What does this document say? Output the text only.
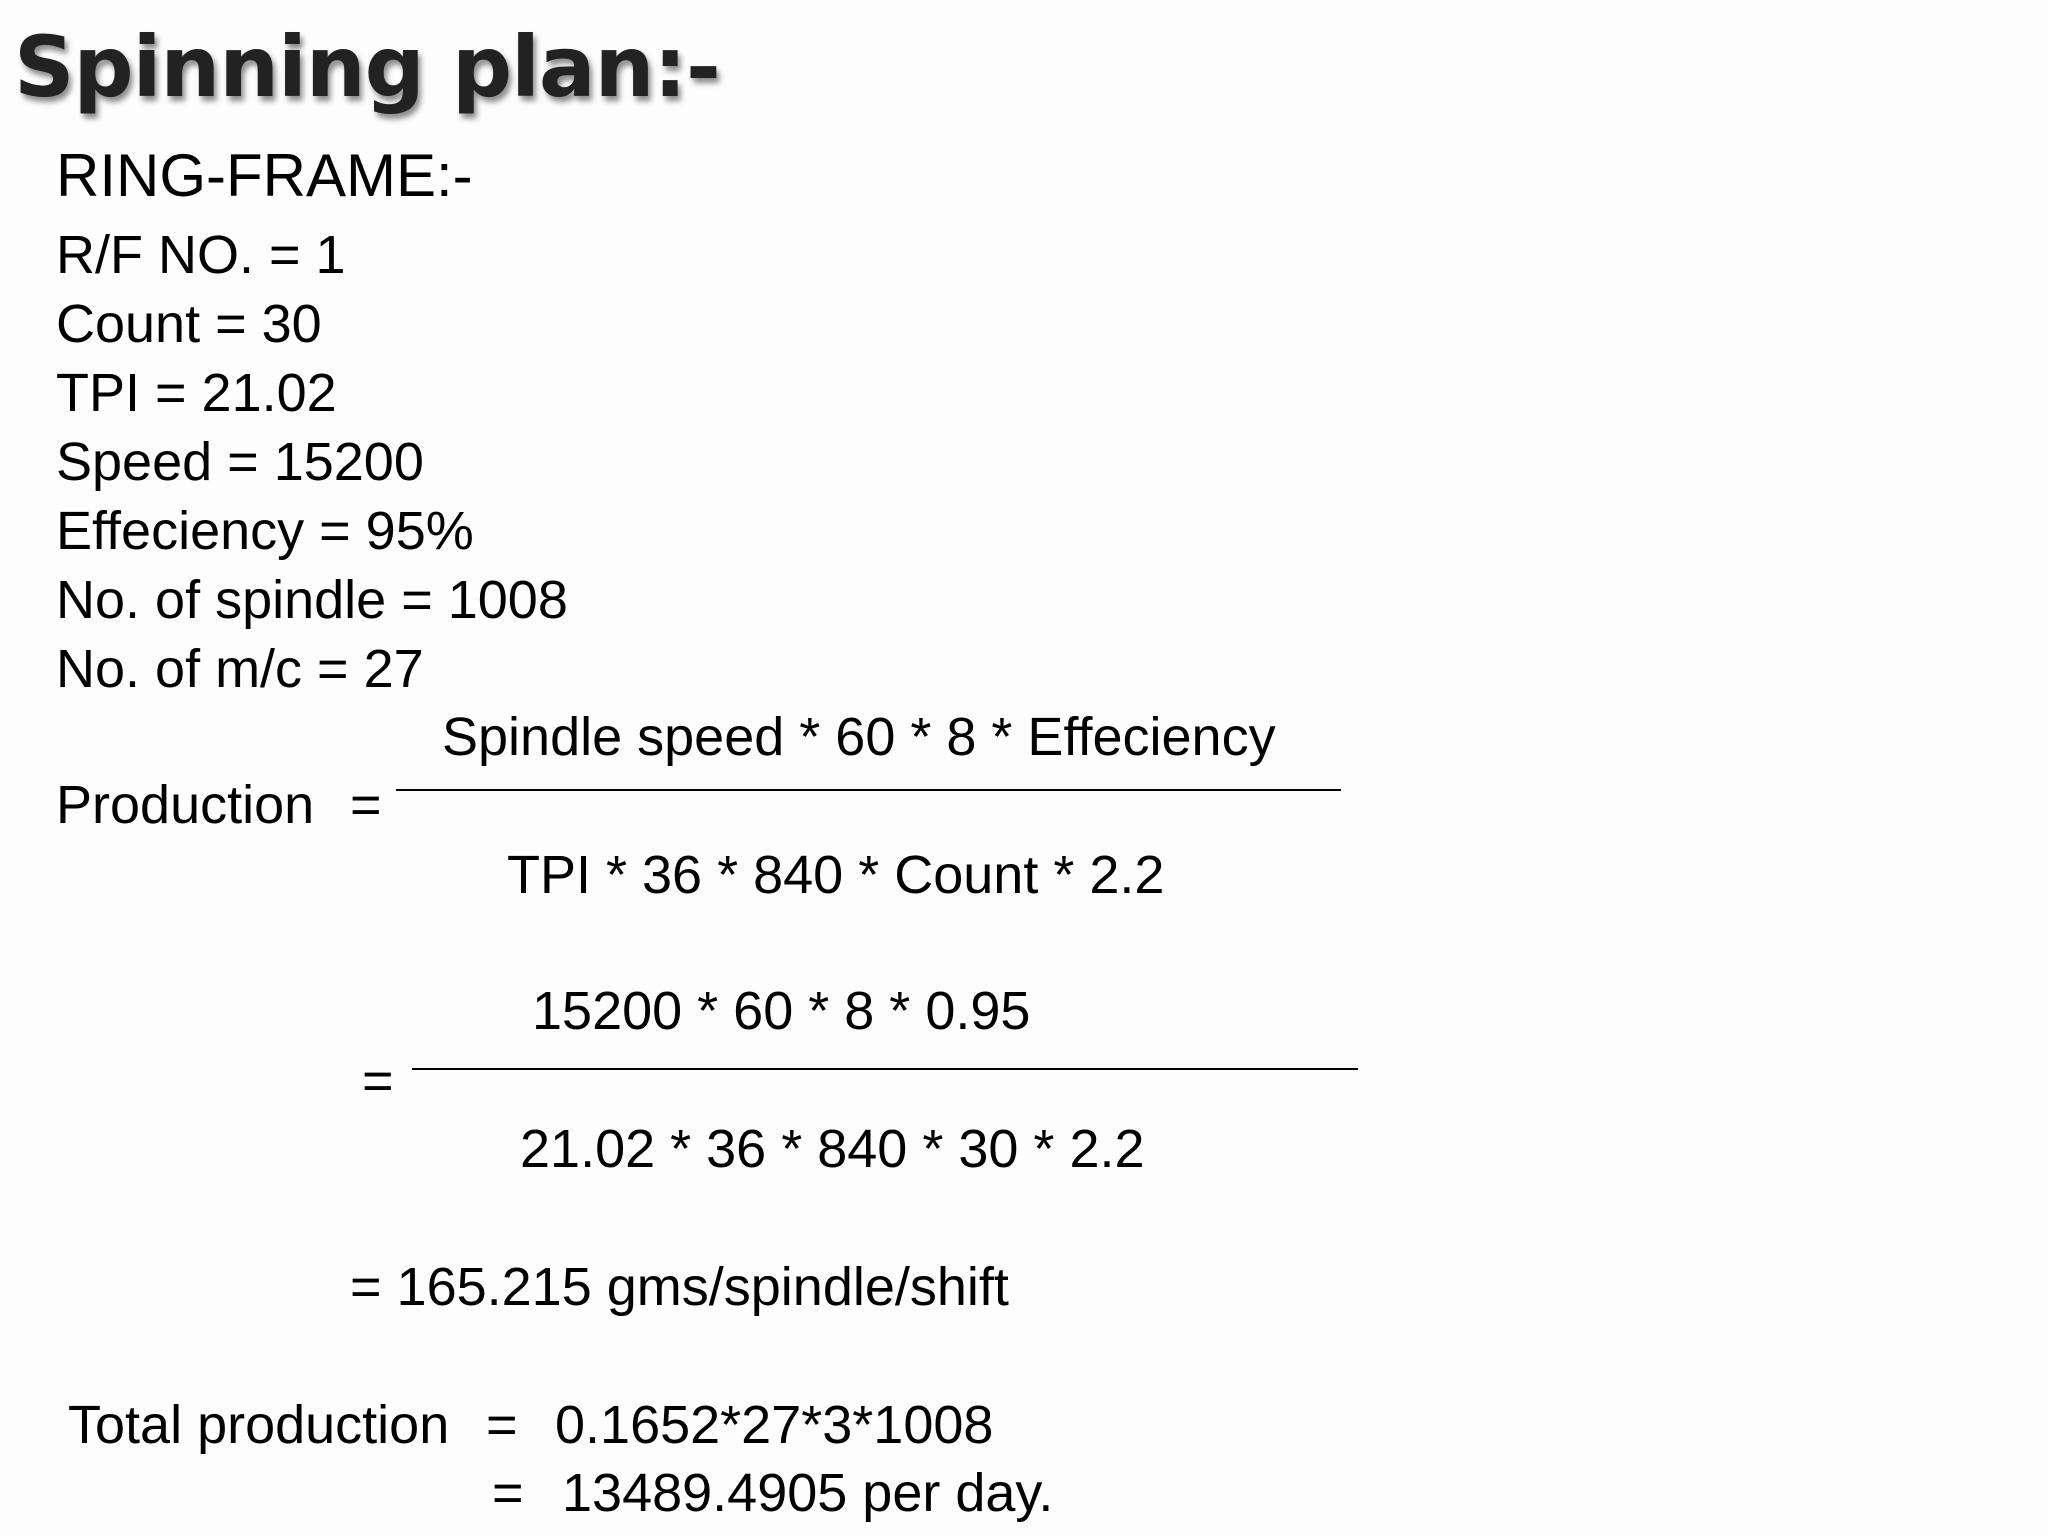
Spinning plan:-
RING-FRAME:-
R/F NO. = 1
Count = 30
TPI = 21.02
Speed = 15200
Effeciency = 95%
No. of spindle = 1008
No. of m/c = 27
Spindle speed * 60 * 8 * Effeciency
Production =
TPI * 36 * 840 * Count * 2.2
15200 * 60 * 8 * 0.95
=
21.02 * 36 * 840 * 30 * 2.2
= 165.215 gms/spindle/shift
Total production = 0.1652*27*3*1008
= 13489.4905 per day.
